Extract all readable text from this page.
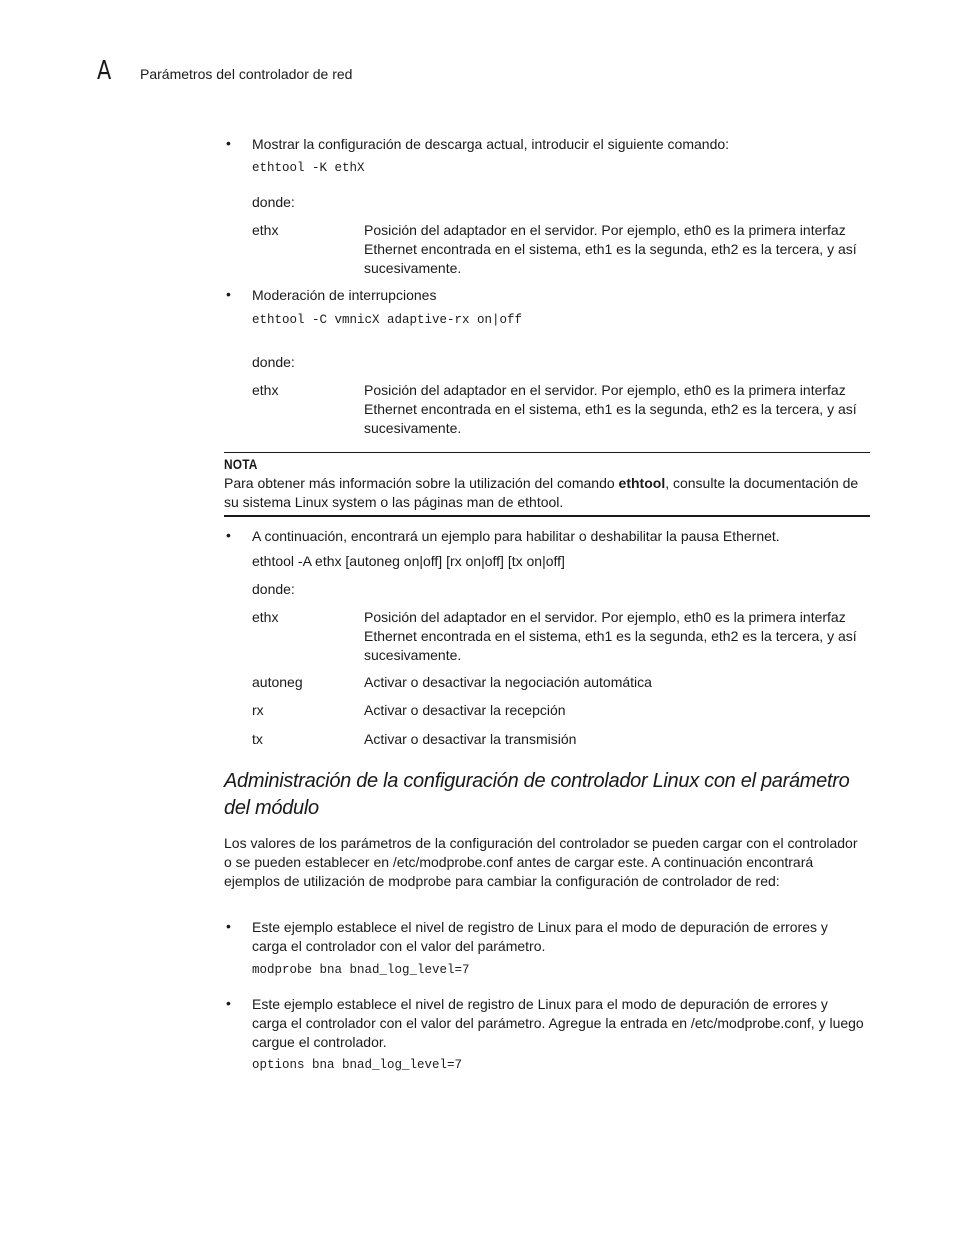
A Parámetros del controlador de red
• Mostrar la configuración de descarga actual, introducir el siguiente comando:
ethtool -K ethX
donde:
ethx	Posición del adaptador en el servidor. Por ejemplo, eth0 es la primera interfaz Ethernet encontrada en el sistema, eth1 es la segunda, eth2 es la tercera, y así sucesivamente.
• Moderación de interrupciones
ethtool -C vmnicX adaptive-rx on|off
donde:
ethx	Posición del adaptador en el servidor. Por ejemplo, eth0 es la primera interfaz Ethernet encontrada en el sistema, eth1 es la segunda, eth2 es la tercera, y así sucesivamente.
NOTA
Para obtener más información sobre la utilización del comando ethtool, consulte la documentación de su sistema Linux system o las páginas man de ethtool.
• A continuación, encontrará un ejemplo para habilitar o deshabilitar la pausa Ethernet.
ethtool -A ethx [autoneg on|off] [rx on|off] [tx on|off]
donde:
ethx	Posición del adaptador en el servidor. Por ejemplo, eth0 es la primera interfaz Ethernet encontrada en el sistema, eth1 es la segunda, eth2 es la tercera, y así sucesivamente.
autoneg	Activar o desactivar la negociación automática
rx	Activar o desactivar la recepción
tx	Activar o desactivar la transmisión
Administración de la configuración de controlador Linux con el parámetro del módulo
Los valores de los parámetros de la configuración del controlador se pueden cargar con el controlador o se pueden establecer en /etc/modprobe.conf antes de cargar este. A continuación encontrará ejemplos de utilización de modprobe para cambiar la configuración de controlador de red:
• Este ejemplo establece el nivel de registro de Linux para el modo de depuración de errores y carga el controlador con el valor del parámetro.
modprobe bna bnad_log_level=7
• Este ejemplo establece el nivel de registro de Linux para el modo de depuración de errores y carga el controlador con el valor del parámetro. Agregue la entrada en /etc/modprobe.conf, y luego cargue el controlador.
options bna bnad_log_level=7
